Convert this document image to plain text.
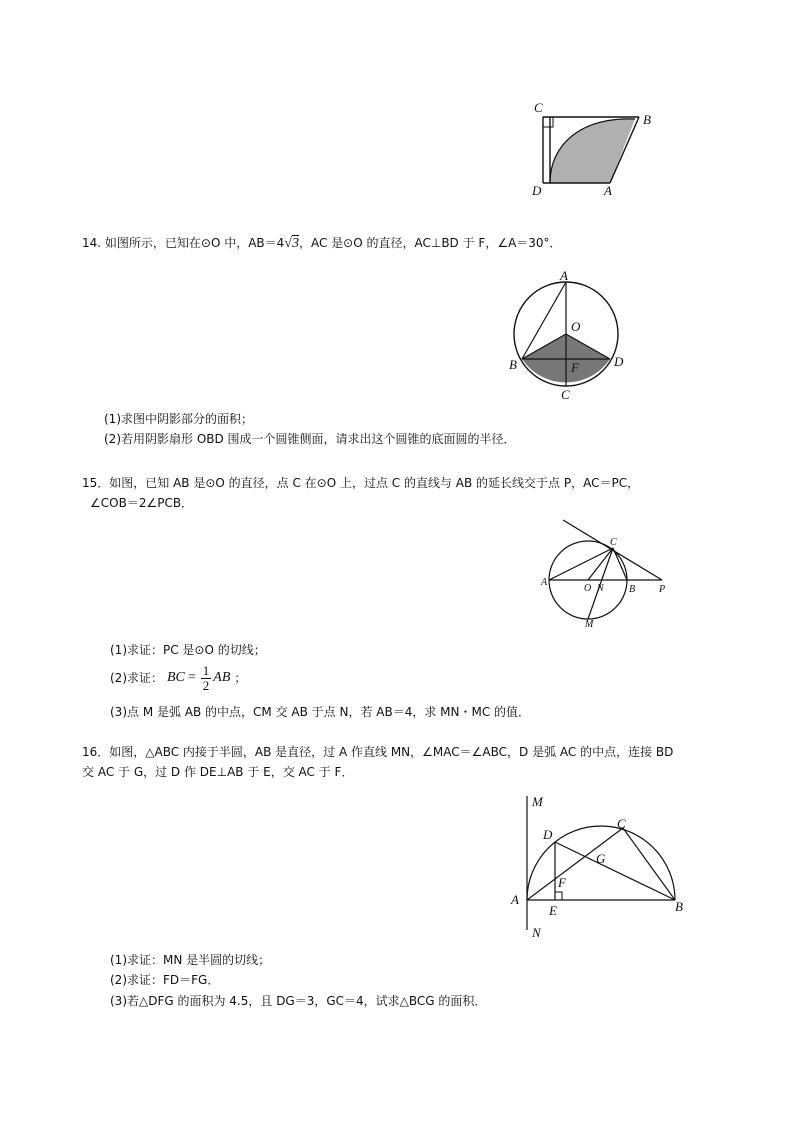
C
B
D	A
14. 如图所示，已知在⊙O 中，AB＝4√3，AC 是⊙O 的直径，AC⊥BD 于 F，∠A＝30°．
A
O
B	D
F
C
(1)求图中阴影部分的面积；
(2)若用阴影扇形 OBD 围成一个圆锥侧面，请求出这个圆锥的底面圆的半径．
15．如图，已知 AB 是⊙O 的直径，点 C 在⊙O 上，过点 C 的直线与 AB 的延长线交于点 P，AC＝PC，
∠COB＝2∠PCB．
C
A
O N	B P
M
(1)求证：PC 是⊙O 的切线；
(2)求证： BC = $\frac{1}{2}$ AB ；
(3)点 M 是弧 AB 的中点，CM 交 AB 于点 N，若 AB＝4，求 MN・MC 的值．
16．如图，△ABC 内接于半圆，AB 是直径，过 A 作直线 MN，∠MAC＝∠ABC，D 是弧 AC 的中点，连接 BD
交 AC 于 G，过 D 作 DE⊥AB 于 E，交 AC 于 F．
M
D
C
G
F
A
E	B
N
(1)求证：MN 是半圆的切线；
(2)求证：FD＝FG．
(3)若△DFG 的面积为 4.5，且 DG＝3，GC＝4，试求△BCG 的面积．
